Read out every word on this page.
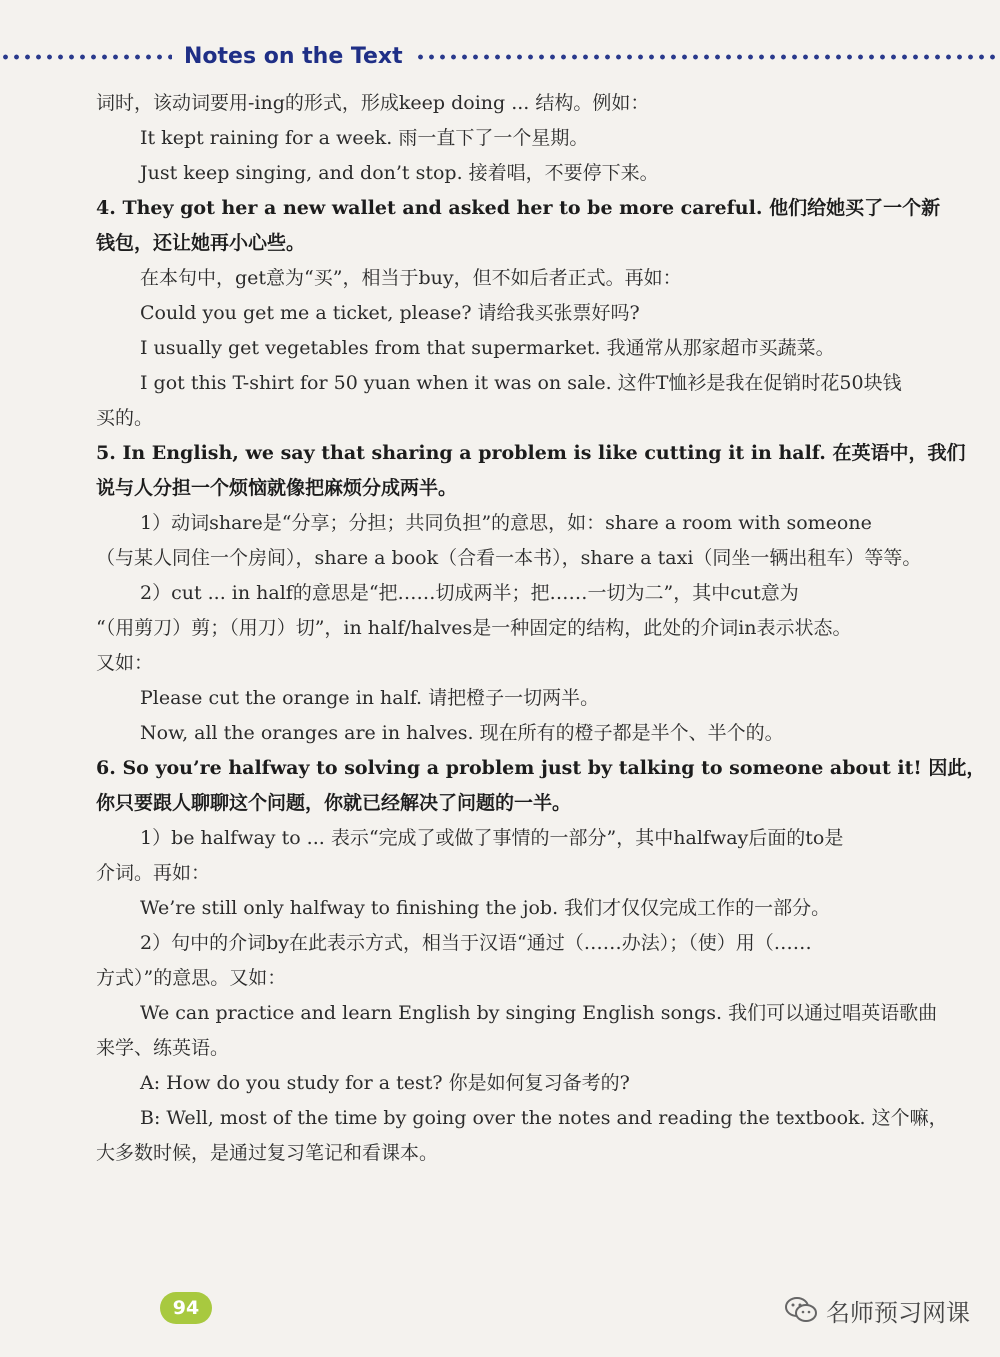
Notes on the Text
词时，该动词要用-ing的形式，形成keep doing ... 结构。例如：
It kept raining for a week. 雨一直下了一个星期。
Just keep singing, and don’t stop. 接着唱，不要停下来。
4. They got her a new wallet and asked her to be more careful. 他们给她买了一个新
钱包，还让她再小心些。
在本句中，get意为“买”，相当于buy，但不如后者正式。再如：
Could you get me a ticket, please? 请给我买张票好吗?
I usually get vegetables from that supermarket. 我通常从那家超市买蔬菜。
I got this T-shirt for 50 yuan when it was on sale. 这件T恤衫是我在促销时花50块钱
买的。
5. In English, we say that sharing a problem is like cutting it in half. 在英语中，我们
说与人分担一个烦恼就像把麻烦分成两半。
1）动词share是“分享；分担；共同负担”的意思，如：share a room with someone
（与某人同住一个房间），share a book（合看一本书），share a taxi（同坐一辆出租车）等等。
2）cut ... in half的意思是“把……切成两半；把……一切为二”，其中cut意为
“（用剪刀）剪；（用刀）切”，in half/halves是一种固定的结构，此处的介词in表示状态。
又如：
Please cut the orange in half. 请把橙子一切两半。
Now, all the oranges are in halves. 现在所有的橙子都是半个、半个的。
6. So you’re halfway to solving a problem just by talking to someone about it! 因此，
你只要跟人聊聊这个问题，你就已经解决了问题的一半。
1）be halfway to ... 表示“完成了或做了事情的一部分”，其中halfway后面的to是
介词。再如：
We’re still only halfway to finishing the job. 我们才仅仅完成工作的一部分。
2）句中的介词by在此表示方式，相当于汉语“通过（……办法）；（使）用（……
方式）”的意思。又如：
We can practice and learn English by singing English songs. 我们可以通过唱英语歌曲
来学、练英语。
A: How do you study for a test? 你是如何复习备考的?
B: Well, most of the time by going over the notes and reading the textbook. 这个嘛，
大多数时候，是通过复习笔记和看课本。
94	名师预习网课
